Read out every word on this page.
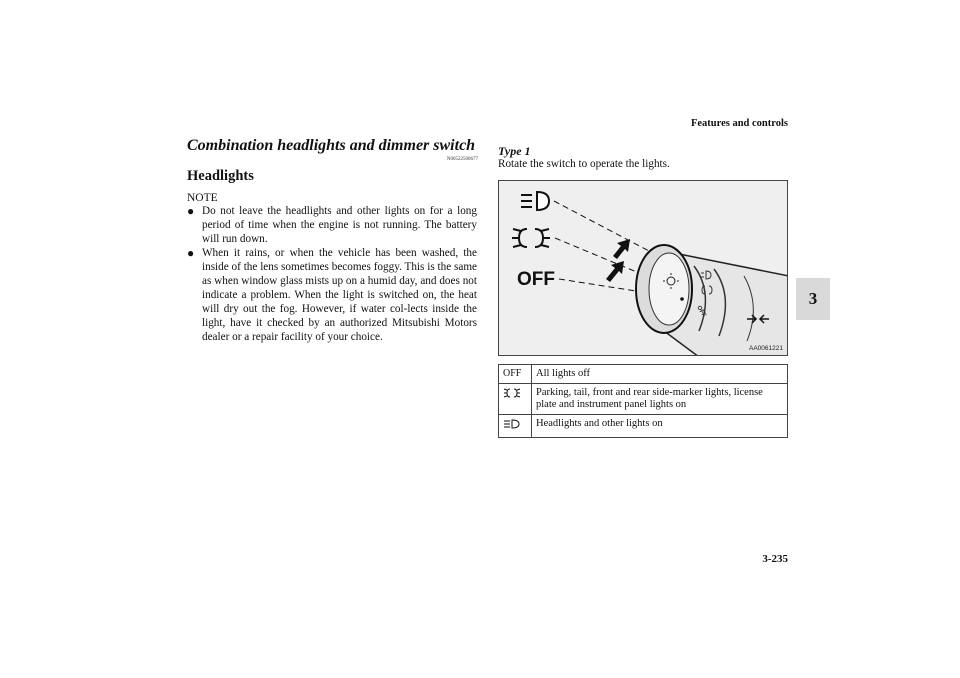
Features and controls
3
Combination headlights and dimmer switch
N00522500677
Headlights
NOTE
● Do not leave the headlights and other lights on for a long period of time when the engine is not running. The battery will run down.
● When it rains, or when the vehicle has been washed, the inside of the lens sometimes becomes foggy. This is the same as when window glass mists up on a humid day, and does not indicate a problem. When the light is switched on, the heat will dry out the fog. However, if water col-lects inside the light, have it checked by an authorized Mitsubishi Motors dealer or a repair facility of your choice.
Type 1
Rotate the switch to operate the lights.
OFF
OFF
AA0061221
OFF	All lights off
	Parking, tail, front and rear side-marker lights, license plate and instrument panel lights on
	Headlights and other lights on
3-235
